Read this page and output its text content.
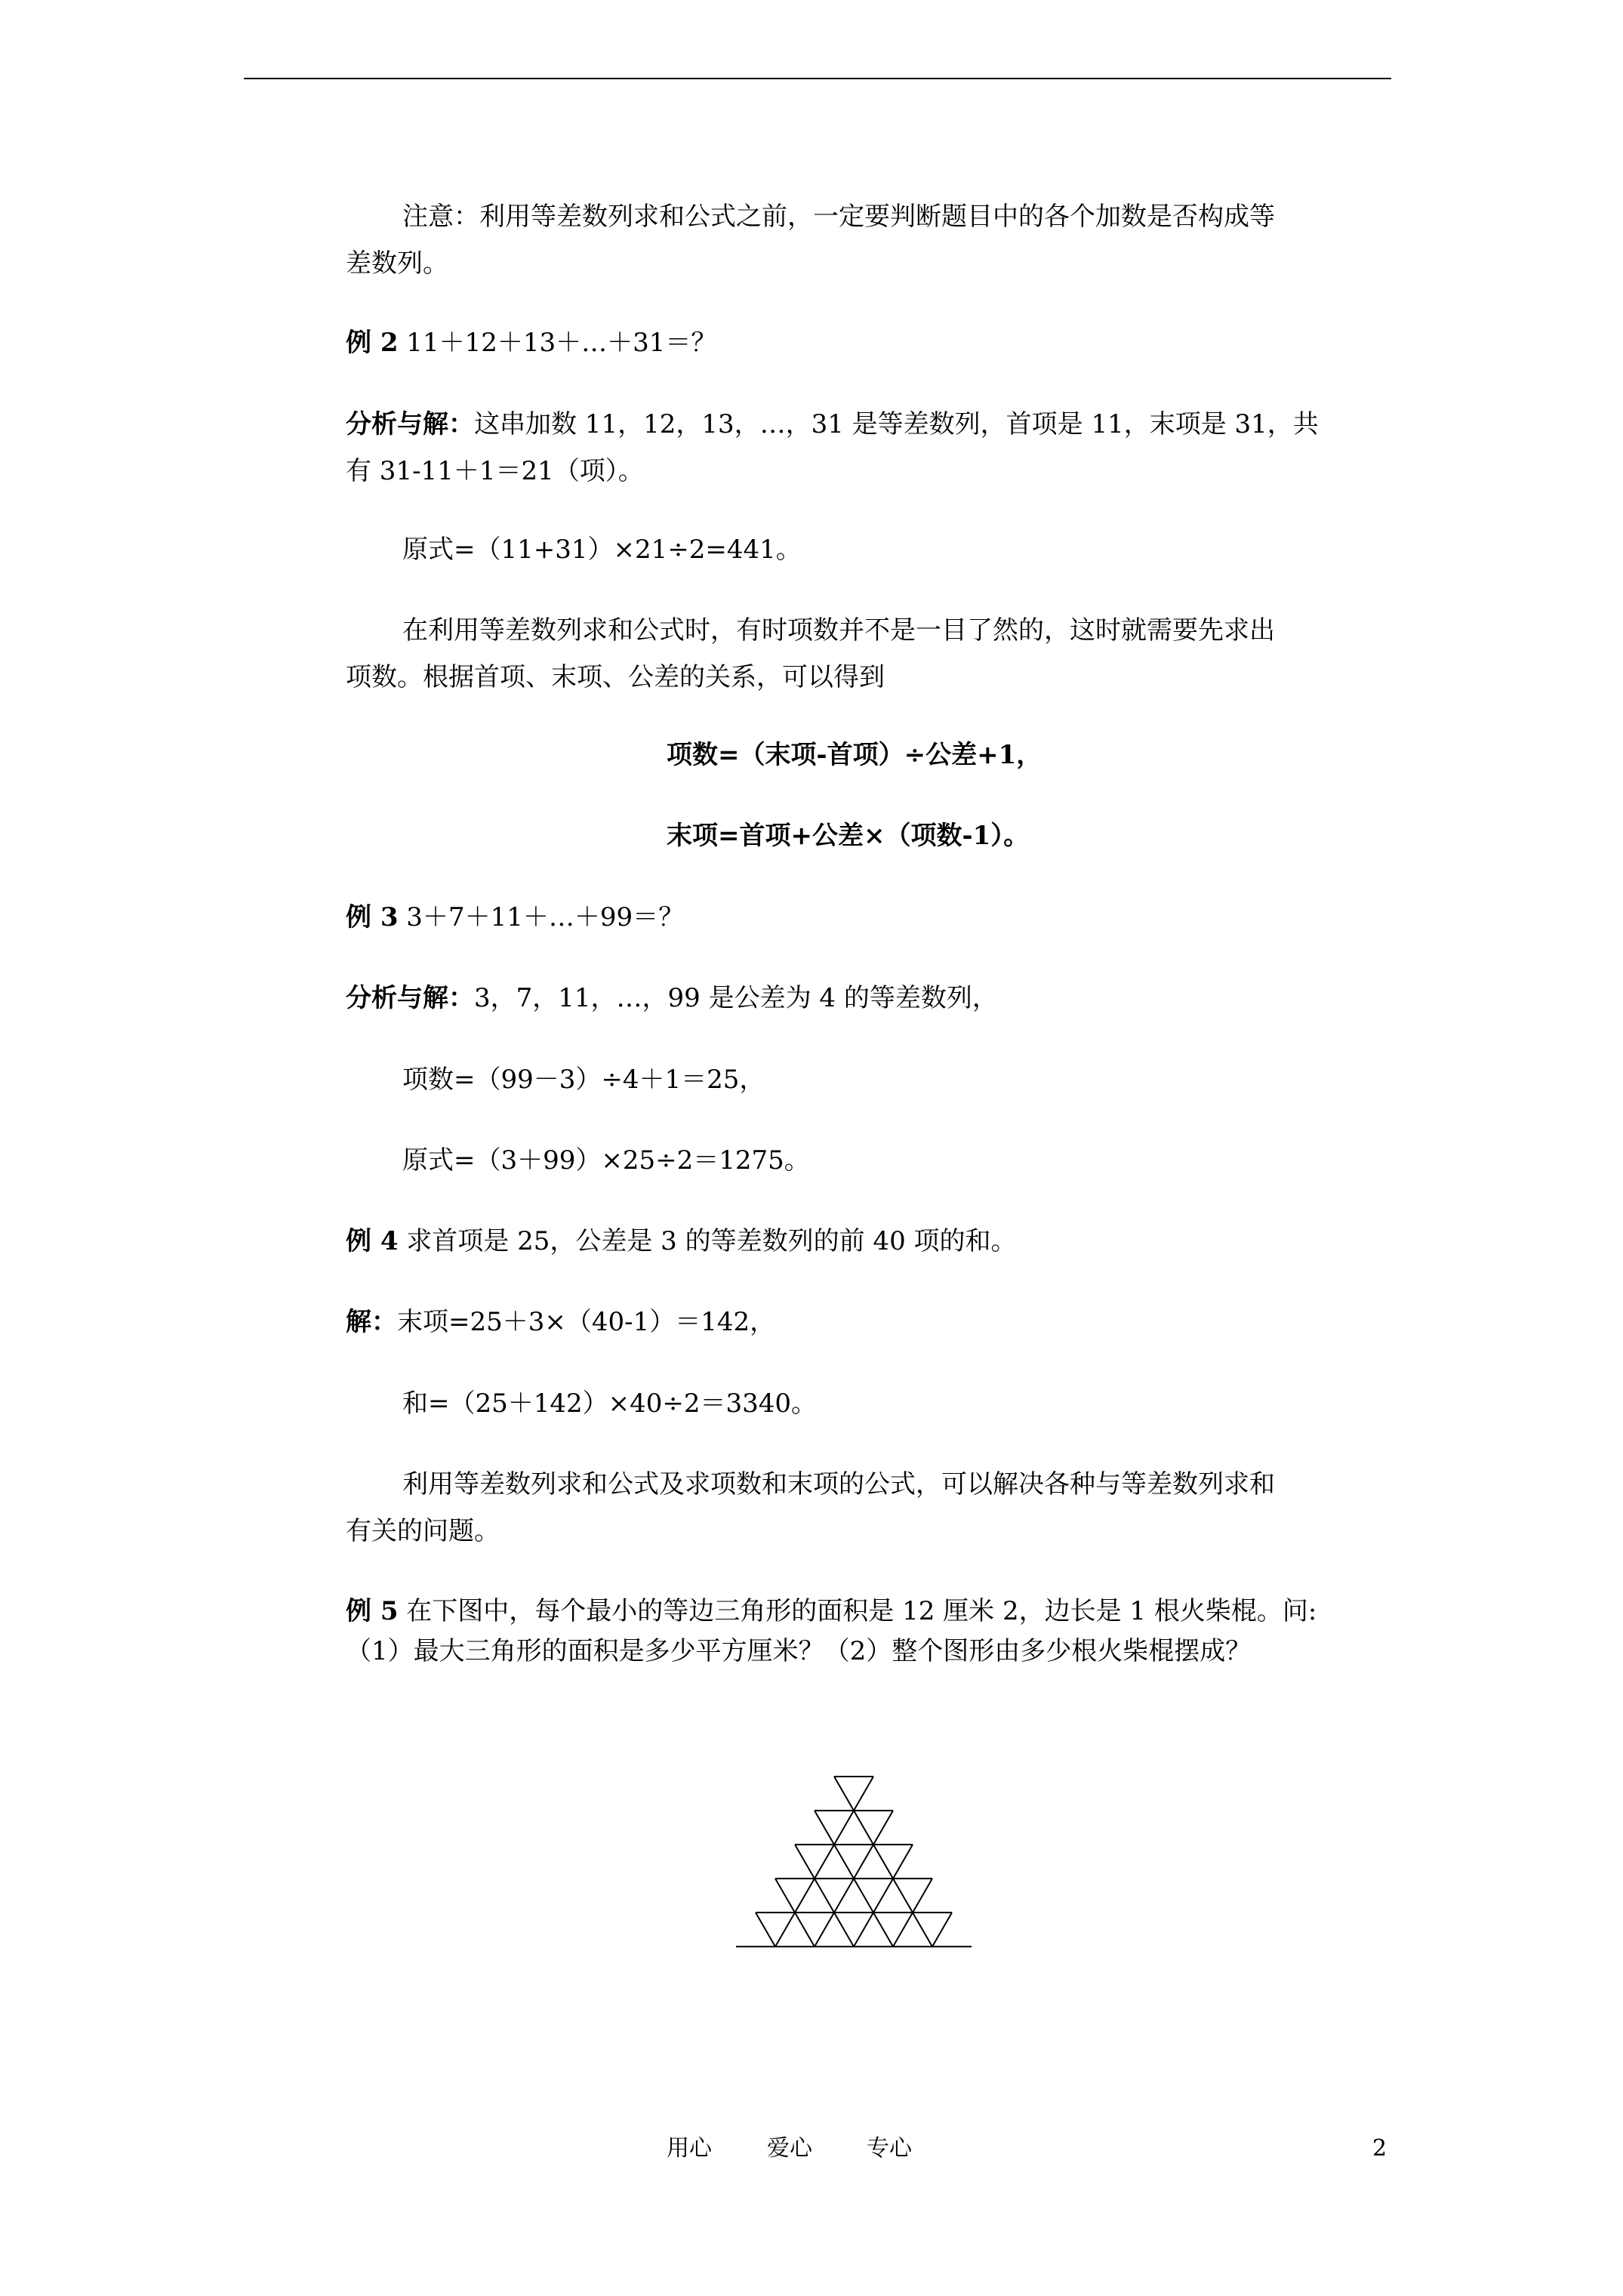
注意：利用等差数列求和公式之前，一定要判断题目中的各个加数是否构成等
差数列。
例 2 11＋12＋13＋…＋31＝？
分析与解：这串加数 11，12，13，…，31 是等差数列，首项是 11，末项是 31，共
有 31-11＋1＝21（项）。
原式=（11+31）×21÷2=441。
在利用等差数列求和公式时，有时项数并不是一目了然的，这时就需要先求出
项数。根据首项、末项、公差的关系，可以得到
项数=（末项-首项）÷公差+1，
末项=首项+公差×（项数-1）。
例 3 3＋7＋11＋…＋99＝？
分析与解：3，7，11，…，99 是公差为 4 的等差数列，
项数=（99－3）÷4＋1＝25，
原式=（3＋99）×25÷2＝1275。
例 4 求首项是 25，公差是 3 的等差数列的前 40 项的和。
解：末项=25＋3×（40-1）＝142，
和=（25＋142）×40÷2＝3340。
利用等差数列求和公式及求项数和末项的公式，可以解决各种与等差数列求和
有关的问题。
例 5 在下图中，每个最小的等边三角形的面积是 12 厘米 2，边长是 1 根火柴棍。问:
（1）最大三角形的面积是多少平方厘米？（2）整个图形由多少根火柴棍摆成？
用心 爱心 专心	2
